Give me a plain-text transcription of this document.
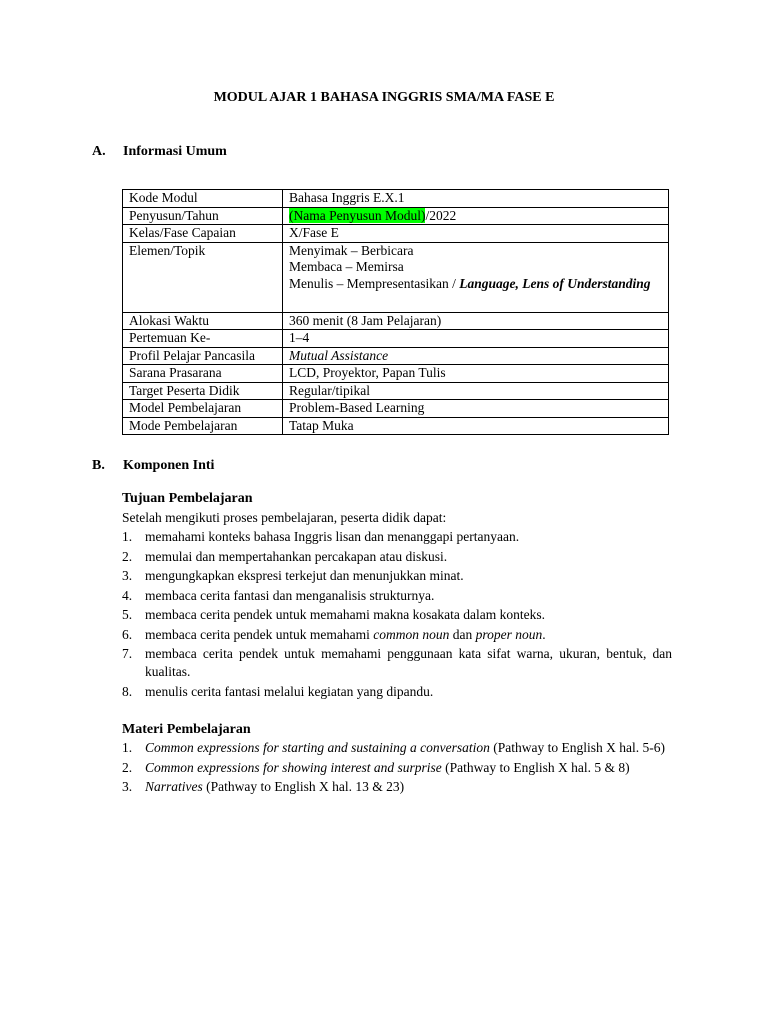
MODUL AJAR 1 BAHASA INGGRIS SMA/MA FASE E
A. Informasi Umum
Kode Modul	Bahasa Inggris E.X.1
Penyusun/Tahun	(Nama Penyusun Modul)/2022
Kelas/Fase Capaian	X/Fase E
Elemen/Topik	Menyimak – Berbicara
Membaca – Memirsa
Menulis – Mempresentasikan / Language, Lens of Understanding

Alokasi Waktu	360 menit (8 Jam Pelajaran)
Pertemuan Ke-	1–4
Profil Pelajar Pancasila	Mutual Assistance
Sarana Prasarana	LCD, Proyektor, Papan Tulis
Target Peserta Didik	Regular/tipikal
Model Pembelajaran	Problem-Based Learning
Mode Pembelajaran	Tatap Muka
B. Komponen Inti
Tujuan Pembelajaran
Setelah mengikuti proses pembelajaran, peserta didik dapat:
1. memahami konteks bahasa Inggris lisan dan menanggapi pertanyaan.
2. memulai dan mempertahankan percakapan atau diskusi.
3. mengungkapkan ekspresi terkejut dan menunjukkan minat.
4. membaca cerita fantasi dan menganalisis strukturnya.
5. membaca cerita pendek untuk memahami makna kosakata dalam konteks.
6. membaca cerita pendek untuk memahami common noun dan proper noun.
7. membaca cerita pendek untuk memahami penggunaan kata sifat warna, ukuran, bentuk, dan kualitas.
8. menulis cerita fantasi melalui kegiatan yang dipandu.
Materi Pembelajaran
1. Common expressions for starting and sustaining a conversation (Pathway to English X hal. 5-6)
2. Common expressions for showing interest and surprise (Pathway to English X hal. 5 & 8)
3. Narratives (Pathway to English X hal. 13 & 23)
